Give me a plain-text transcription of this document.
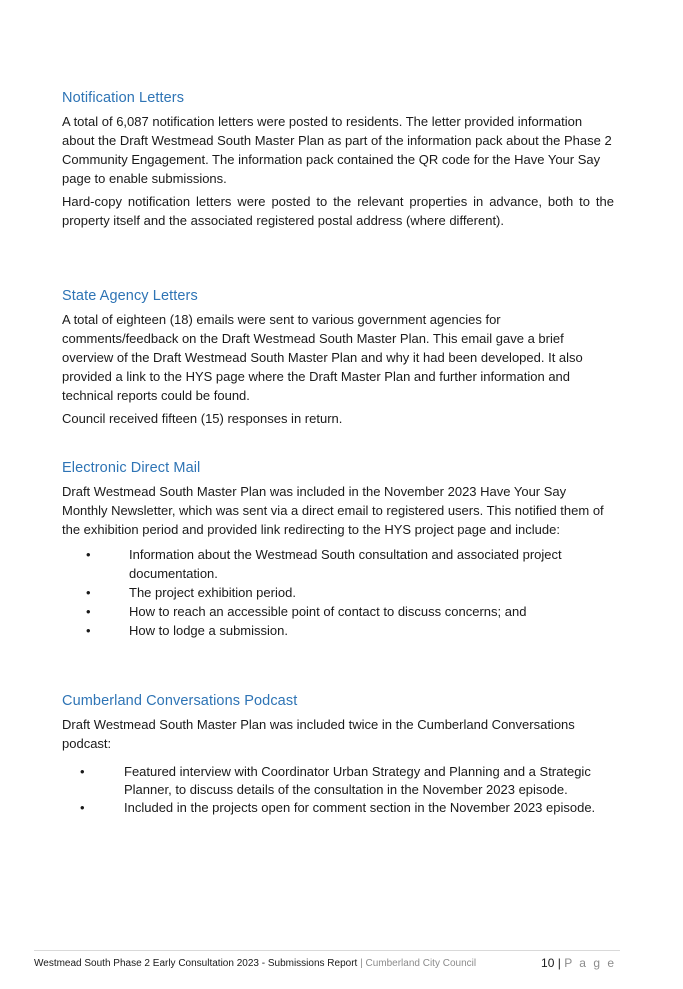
Notification Letters

A total of 6,087 notification letters were posted to residents. The letter provided information about the Draft Westmead South Master Plan as part of the information pack about the Phase 2 Community Engagement. The information pack contained the QR code for the Have Your Say page to enable submissions.

Hard-copy notification letters were posted to the relevant properties in advance, both to the property itself and the associated registered postal address (where different).

State Agency Letters

A total of eighteen (18) emails were sent to various government agencies for comments/feedback on the Draft Westmead South Master Plan. This email gave a brief overview of the Draft Westmead South Master Plan and why it had been developed. It also provided a link to the HYS page where the Draft Master Plan and further information and technical reports could be found.

Council received fifteen (15) responses in return.

Electronic Direct Mail

Draft Westmead South Master Plan was included in the November 2023 Have Your Say Monthly Newsletter, which was sent via a direct email to registered users. This notified them of the exhibition period and provided link redirecting to the HYS project page and include:

•	Information about the Westmead South consultation and associated project documentation.
•	The project exhibition period.
•	How to reach an accessible point of contact to discuss concerns; and
•	How to lodge a submission.
Cumberland Conversations Podcast

Draft Westmead South Master Plan was included twice in the Cumberland Conversations podcast:

•	Featured interview with Coordinator Urban Strategy and Planning and a Strategic Planner, to discuss details of the consultation in the November 2023 episode.
•	Included in the projects open for comment section in the November 2023 episode.
Westmead South Phase 2 Early Consultation 2023 - Submissions Report | Cumberland City Council	10 | P a g e
